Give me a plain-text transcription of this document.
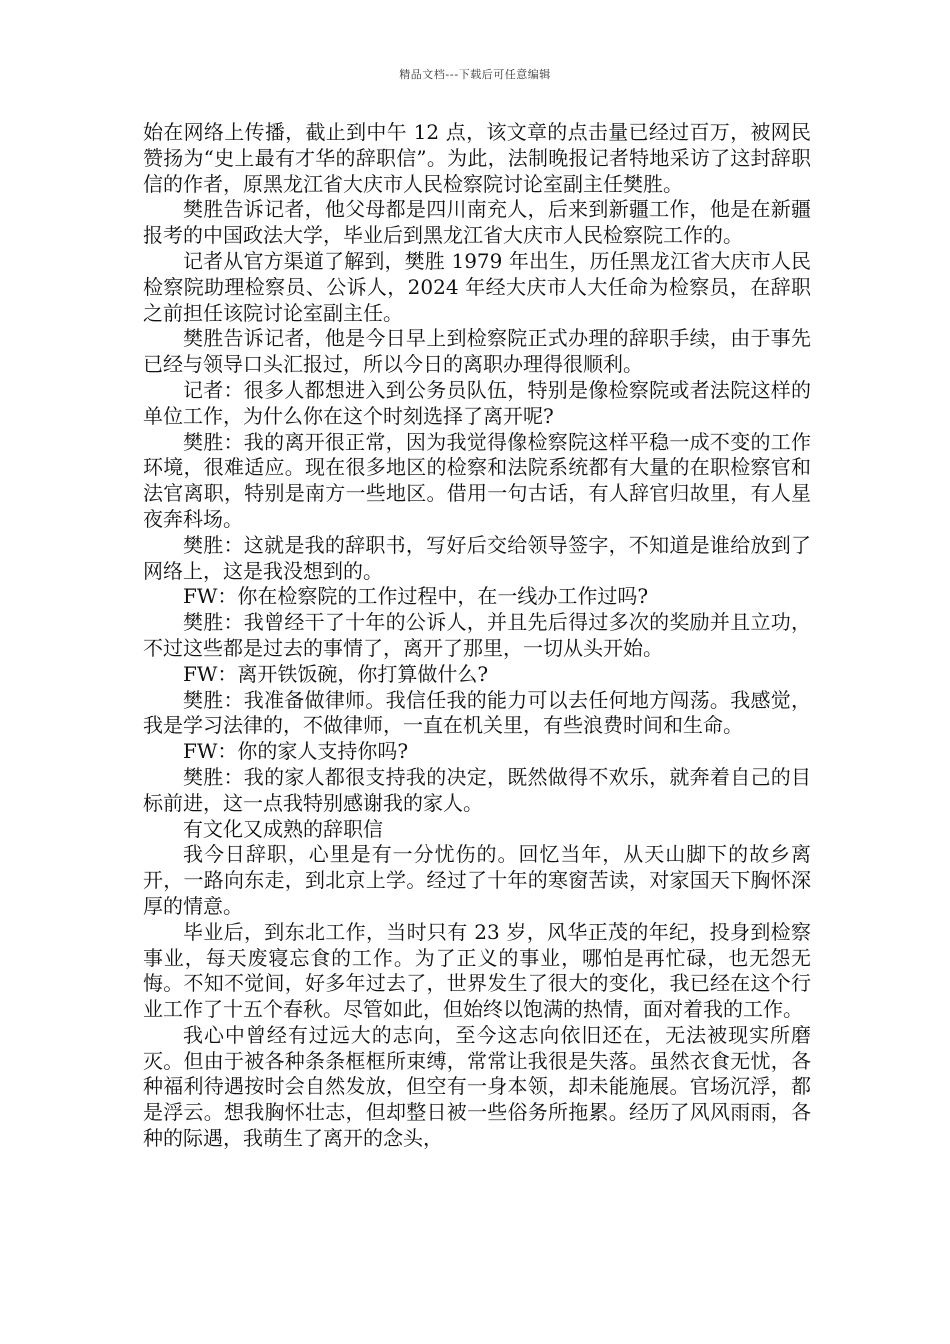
精品文档---下载后可任意编辑

始在网络上传播，截止到中午 12 点，该文章的点击量已经过百万，被网民赞扬为“史上最有才华的辞职信”。为此，法制晚报记者特地采访了这封辞职信的作者，原黑龙江省大庆市人民检察院讨论室副主任樊胜。

樊胜告诉记者，他父母都是四川南充人，后来到新疆工作，他是在新疆报考的中国政法大学，毕业后到黑龙江省大庆市人民检察院工作的。

记者从官方渠道了解到，樊胜 1979 年出生，历任黑龙江省大庆市人民检察院助理检察员、公诉人，2024 年经大庆市人大任命为检察员，在辞职之前担任该院讨论室副主任。

樊胜告诉记者，他是今日早上到检察院正式办理的辞职手续，由于事先已经与领导口头汇报过，所以今日的离职办理得很顺利。

记者：很多人都想进入到公务员队伍，特别是像检察院或者法院这样的单位工作，为什么你在这个时刻选择了离开呢?

樊胜：我的离开很正常，因为我觉得像检察院这样平稳一成不变的工作环境，很难适应。现在很多地区的检察和法院系统都有大量的在职检察官和法官离职，特别是南方一些地区。借用一句古话，有人辞官归故里，有人星夜奔科场。

樊胜：这就是我的辞职书，写好后交给领导签字，不知道是谁给放到了网络上，这是我没想到的。

FW：你在检察院的工作过程中，在一线办工作过吗?

樊胜：我曾经干了十年的公诉人，并且先后得过多次的奖励并且立功，不过这些都是过去的事情了，离开了那里，一切从头开始。

FW：离开铁饭碗，你打算做什么?

樊胜：我准备做律师。我信任我的能力可以去任何地方闯荡。我感觉，我是学习法律的，不做律师，一直在机关里，有些浪费时间和生命。

FW：你的家人支持你吗?

樊胜：我的家人都很支持我的决定，既然做得不欢乐，就奔着自己的目标前进，这一点我特别感谢我的家人。

有文化又成熟的辞职信

我今日辞职，心里是有一分忧伤的。回忆当年，从天山脚下的故乡离开，一路向东走，到北京上学。经过了十年的寒窗苦读，对家国天下胸怀深厚的情意。

毕业后，到东北工作，当时只有 23 岁，风华正茂的年纪，投身到检察事业，每天废寝忘食的工作。为了正义的事业，哪怕是再忙碌，也无怨无悔。不知不觉间，好多年过去了，世界发生了很大的变化，我已经在这个行业工作了十五个春秋。尽管如此，但始终以饱满的热情，面对着我的工作。

我心中曾经有过远大的志向，至今这志向依旧还在，无法被现实所磨灭。但由于被各种条条框框所束缚，常常让我很是失落。虽然衣食无忧，各种福利待遇按时会自然发放，但空有一身本领，却未能施展。官场沉浮，都是浮云。想我胸怀壮志，但却整日被一些俗务所拖累。经历了风风雨雨，各种的际遇，我萌生了离开的念头，
